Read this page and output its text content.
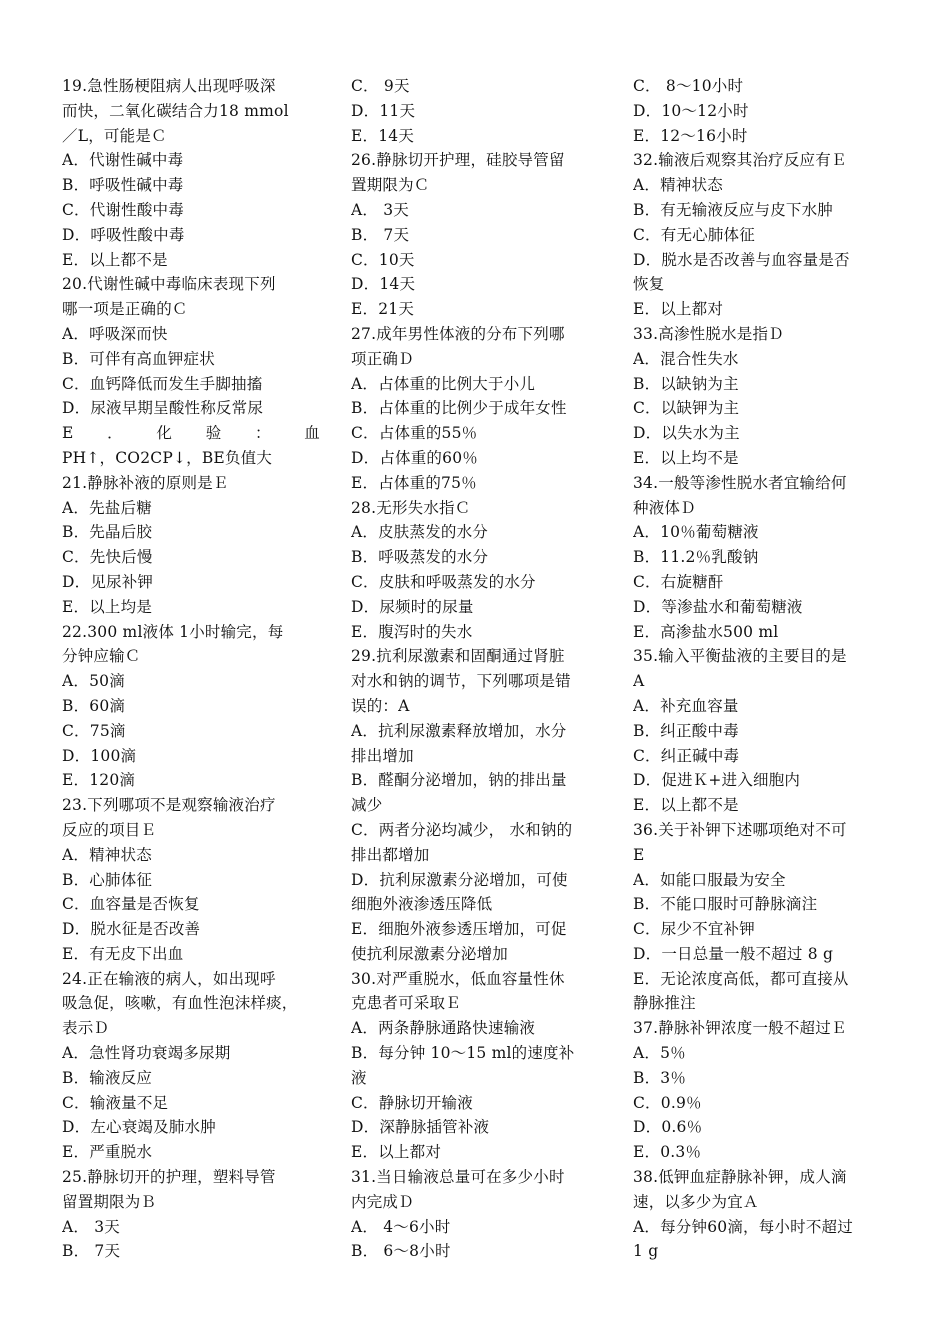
19.急性肠梗阻病人出现呼吸深
而快，二氧化碳结合力18 mmol
／L，可能是Ｃ
A．代谢性碱中毒
B．呼吸性碱中毒
C．代谢性酸中毒
D．呼吸性酸中毒
E．以上都不是
20.代谢性碱中毒临床表现下列
哪一项是正确的Ｃ
A．呼吸深而快
B．可伴有高血钾症状
C．血钙降低而发生手脚抽搐
D．尿液早期呈酸性称反常尿
E ． 化 验 ： 血
PH↑，CO2CP↓，BE负值大
21.静脉补液的原则是Ｅ
A．先盐后糖
B．先晶后胶
C．先快后慢
D．见尿补钾
E．以上均是
22.300 ml液体 1小时输完，每
分钟应输Ｃ
A．50滴
B．60滴
C．75滴
D．100滴
E．120滴
23.下列哪项不是观察输液治疗
反应的项目Ｅ
A．精神状态
B．心肺体征
C．血容量是否恢复
D．脱水征是否改善
E．有无皮下出血
24.正在输液的病人，如出现呼
吸急促，咳嗽，有血性泡沫样痰，
表示Ｄ
A．急性肾功衰竭多尿期
B．输液反应
C．输液量不足
D．左心衰竭及肺水肿
E．严重脱水
25.静脉切开的护理，塑料导管
留置期限为Ｂ
A． 3天
B． 7天
C． 9天
D．11天
E．14天
26.静脉切开护理，硅胶导管留
置期限为Ｃ
A． 3天
B． 7天
C．10天
D．14天
E．21天
27.成年男性体液的分布下列哪
项正确Ｄ
A．占体重的比例大于小儿
B．占体重的比例少于成年女性
C．占体重的55％
D．占体重的60％
E．占体重的75％
28.无形失水指Ｃ
A．皮肤蒸发的水分
B．呼吸蒸发的水分
C．皮肤和呼吸蒸发的水分
D．尿频时的尿量
E．腹泻时的失水
29.抗利尿激素和固酮通过肾脏
对水和钠的调节，下列哪项是错
误的：A
A．抗利尿激素释放增加，水分
排出增加
B．醛酮分泌增加，钠的排出量
减少
C．两者分泌均减少， 水和钠的
排出都增加
D．抗利尿激素分泌增加，可使
细胞外液渗透压降低
E．细胞外液参透压增加，可促
使抗利尿激素分泌增加
30.对严重脱水，低血容量性休
克患者可采取Ｅ
A．两条静脉通路快速输液
B．每分钟 10～15 ml的速度补
液
C．静脉切开输液
D．深静脉插管补液
E．以上都对
31.当日输液总量可在多少小时
内完成Ｄ
A． 4～6小时
B． 6～8小时
C． 8～10小时
D．10～12小时
E．12～16小时
32.输液后观察其治疗反应有Ｅ
A．精神状态
B．有无输液反应与皮下水肿
C．有无心肺体征
D．脱水是否改善与血容量是否
恢复
E．以上都对
33.高渗性脱水是指Ｄ
A．混合性失水
B．以缺钠为主
C．以缺钾为主
D．以失水为主
E．以上均不是
34.一般等渗性脱水者宜输给何
种液体Ｄ
A．10％葡萄糖液
B．11.2％乳酸钠
C．右旋糖酐
D．等渗盐水和葡萄糖液
E．高渗盐水500 ml
35.输入平衡盐液的主要目的是
A
A．补充血容量
B．纠正酸中毒
C．纠正碱中毒
D．促进Ｋ+进入细胞内
E．以上都不是
36.关于补钾下述哪项绝对不可
E
A．如能口服最为安全
B．不能口服时可静脉滴注
C．尿少不宜补钾
D．一日总量一般不超过 8 g
E．无论浓度高低，都可直接从
静脉推注
37.静脉补钾浓度一般不超过Ｅ
A．5％
B．3％
C．0.9％
D．0.6％
E．0.3％
38.低钾血症静脉补钾，成人滴
速，以多少为宜Ａ
A．每分钟60滴，每小时不超过
1 g
